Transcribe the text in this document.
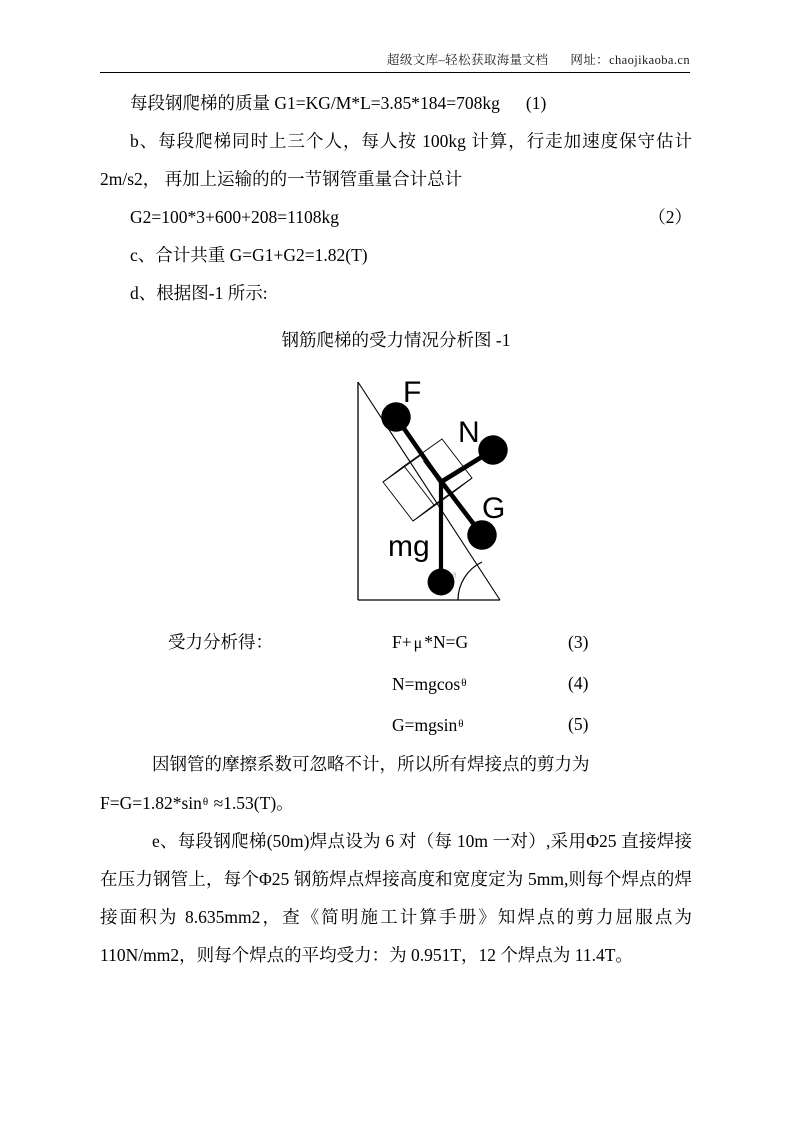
超级文库–轻松获取海量文档 网址：chaojikaoba.cn

每段钢爬梯的质量 G1=KG/M*L=3.85*184=708kg (1)

b、每段爬梯同时上三个人，每人按 100kg 计算，行走加速度保守估计 2m/s2， 再加上运输的的一节钢管重量合计总计

G2=100*3+600+208=1108kg	（2）

c、合计共重 G=G1+G2=1.82(T)

d、根据图-1 所示:

钢筋爬梯的受力情况分析图 -1
θ
F
N
G
mg
受力分析得：	F+ μ *N=G	(3)
N=mgcos$^\theta$	(4)
G=mgsin$^\theta$	(5)

因钢管的摩擦系数可忽略不计，所以所有焊接点的剪力为
$F=G=1.82*\sin^\theta \approx 1.53(T)$。

e、每段钢爬梯(50m)焊点设为 6 对（每 10m 一对）,采用Φ25 直接焊接在压力钢管上，每个Φ25 钢筋焊点焊接高度和宽度定为 5mm,则每个焊点的焊接面积为 8.635mm2，查《简明施工计算手册》知焊点的剪力屈服点为 110N/mm2，则每个焊点的平均受力：为 0.951T，12 个焊点为 11.4T。
